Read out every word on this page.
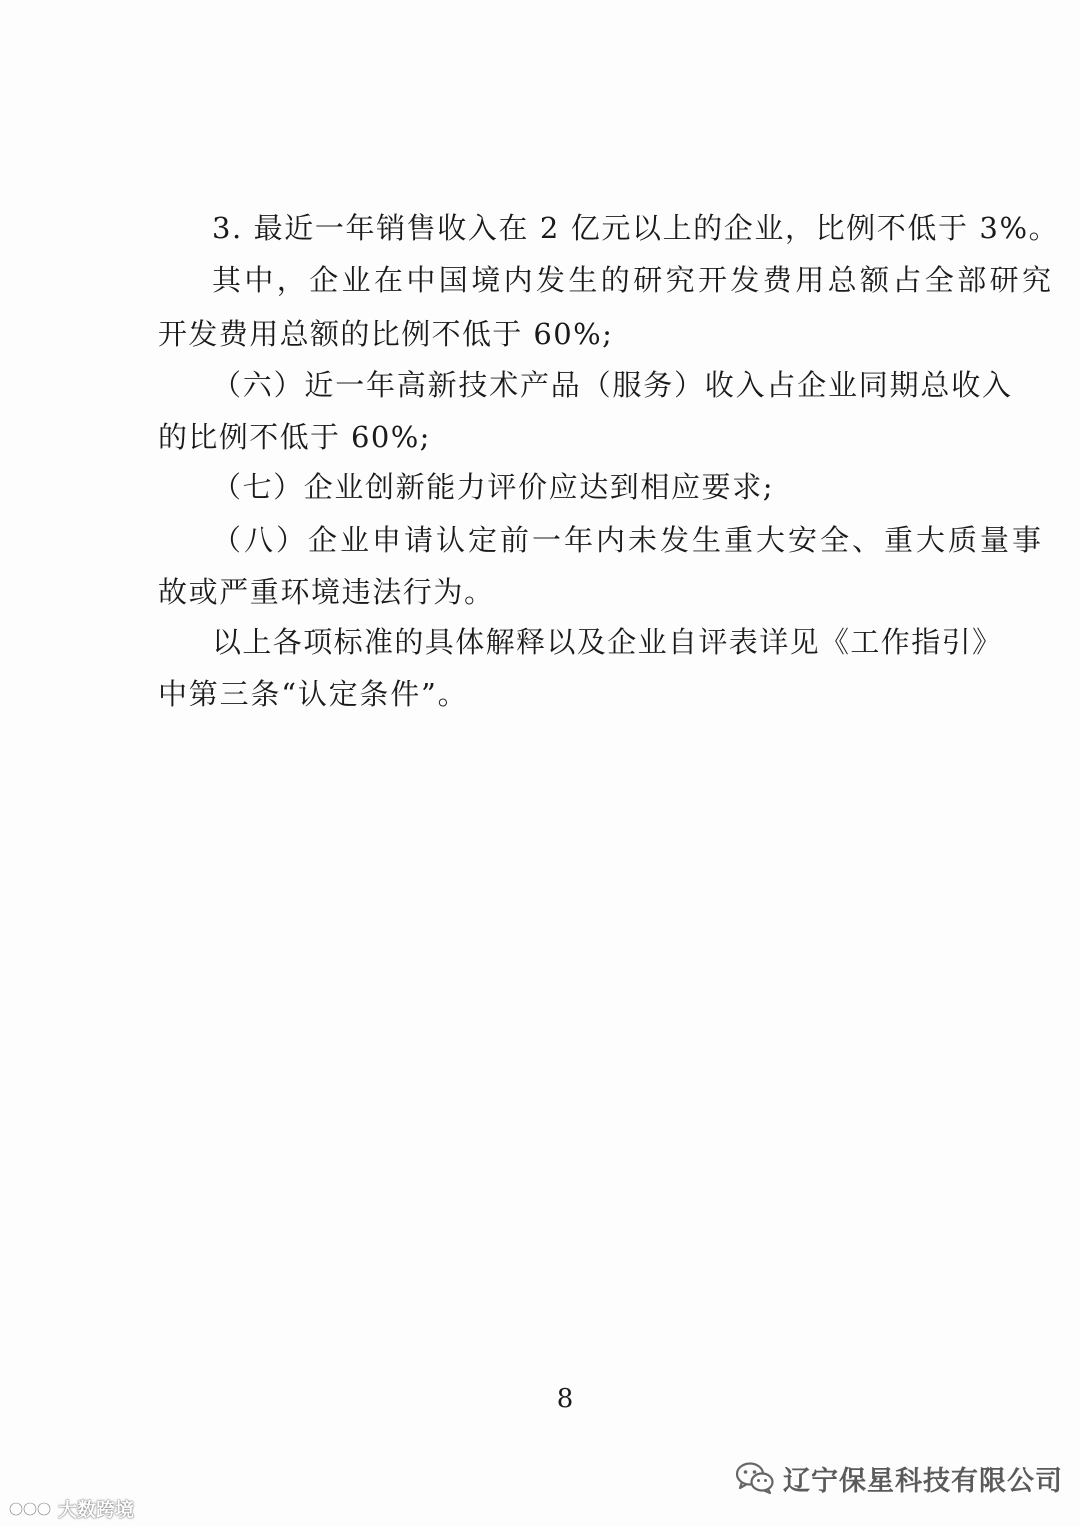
3. 最近一年销售收入在 2 亿元以上的企业，比例不低于 3%。
其中，企业在中国境内发生的研究开发费用总额占全部研究
开发费用总额的比例不低于 60%;
（六）近一年高新技术产品（服务）收入占企业同期总收入
的比例不低于 60%;
（七）企业创新能力评价应达到相应要求;
（八）企业申请认定前一年内未发生重大安全、重大质量事
故或严重环境违法行为。
以上各项标准的具体解释以及企业自评表详见《工作指引》
中第三条“认定条件”。
8
辽宁保星科技有限公司
大数跨境
